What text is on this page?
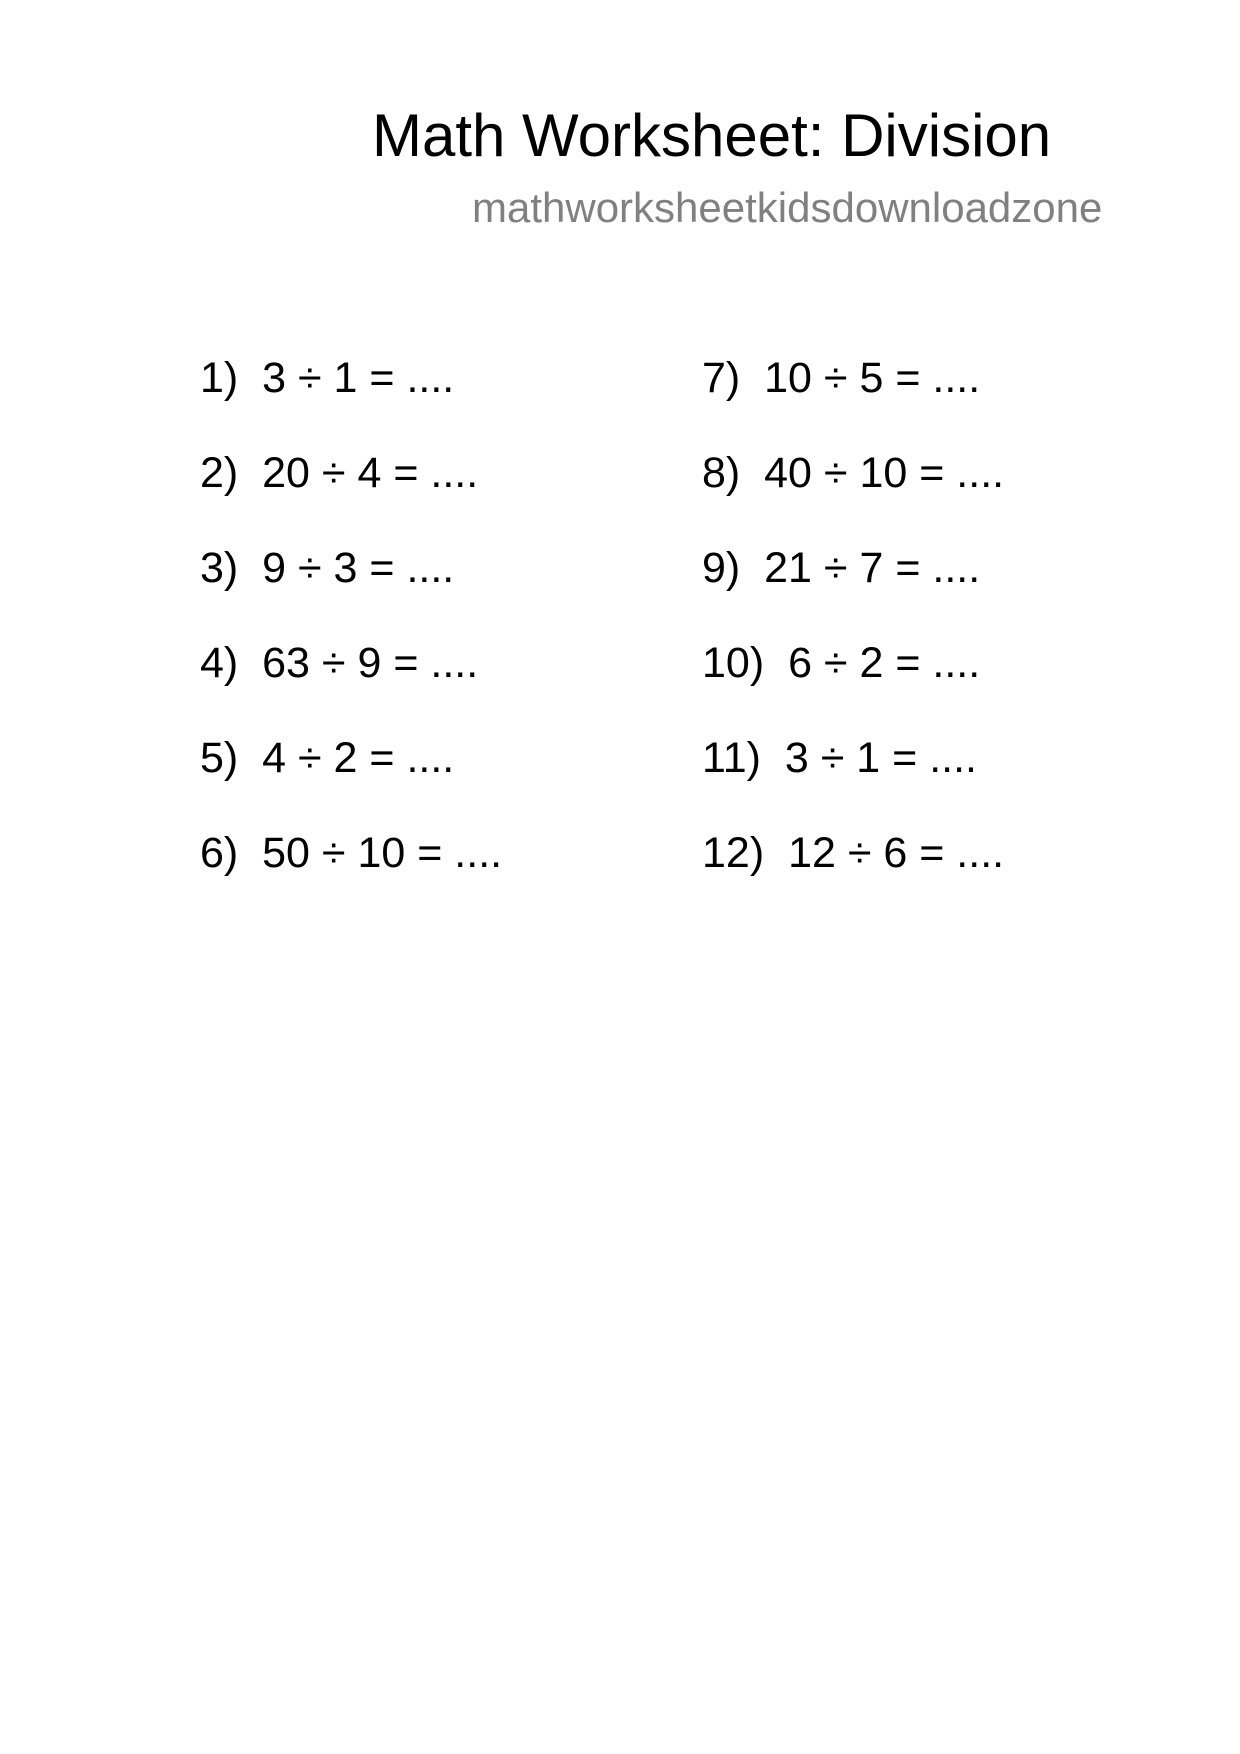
Math Worksheet: Division
mathworksheetkidsdownloadzone
1) 3 ÷ 1 = ....
2) 20 ÷ 4 = ....
3) 9 ÷ 3 = ....
4) 63 ÷ 9 = ....
5) 4 ÷ 2 = ....
6) 50 ÷ 10 = ....
7) 10 ÷ 5 = ....
8) 40 ÷ 10 = ....
9) 21 ÷ 7 = ....
10) 6 ÷ 2 = ....
11) 3 ÷ 1 = ....
12) 12 ÷ 6 = ....
